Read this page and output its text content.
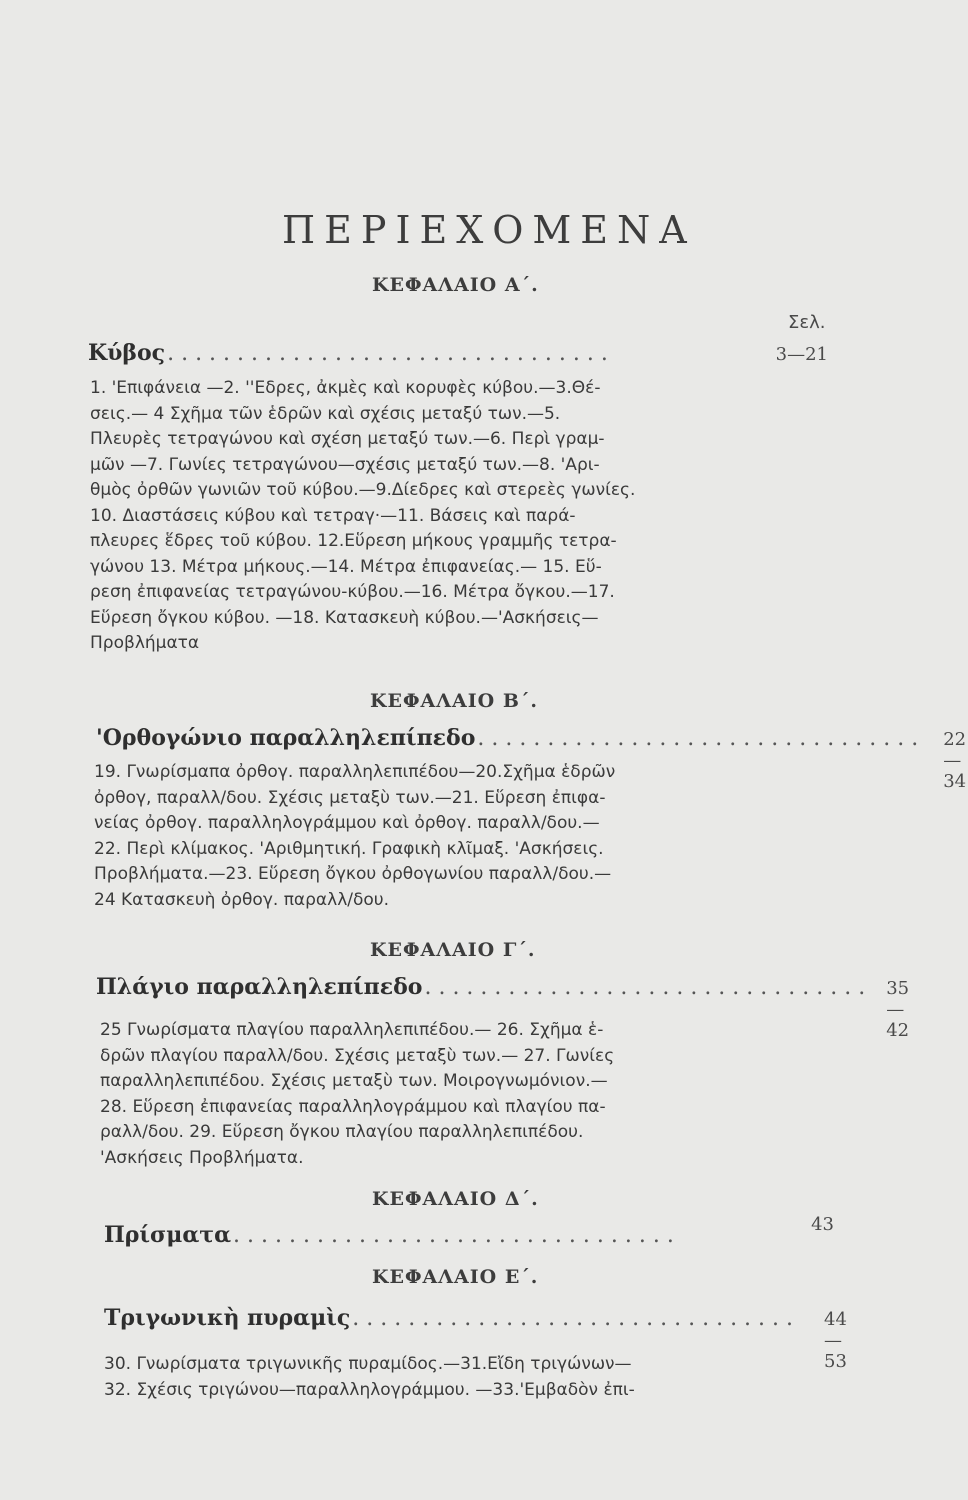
ΠΕΡΙΕΧΟΜΕΝΑ
ΚΕΦΑΛΑΙΟ Α΄.
Σελ.
Κύβος ................................	3—21
1. 'Επιφάνεια —2. ''Εδρες, ἀκμὲς καὶ κορυφὲς κύβου.—3.Θέ-
σεις.— 4 Σχῆμα τῶν ἑδρῶν καὶ σχέσις μεταξύ των.—5.
Πλευρὲς τετραγώνου καὶ σχέση μεταξύ των.—6. Περὶ γραμ-
μῶν —7. Γωνίες τετραγώνου—σχέσις μεταξύ των.—8. 'Αρι-
θμὸς ὀρθῶν γωνιῶν τοῦ κύβου.—9.Δίεδρες καὶ στερεὲς γωνίες.
10. Διαστάσεις κύβου καὶ τετραγ·—11. Βάσεις καὶ παρά-
πλευρες ἕδρες τοῦ κύβου. 12.Εὕρεση μήκους γραμμῆς τετρα-
γώνου 13. Μέτρα μήκους.—14. Μέτρα ἐπιφανείας.— 15. Εὕ-
ρεση ἐπιφανείας τετραγώνου-κύβου.—16. Μέτρα ὄγκου.—17.
Εὕρεση ὄγκου κύβου. —18. Κατασκευὴ κύβου.—'Ασκήσεις—
Προβλήματα
ΚΕΦΑΛΑΙΟ Β΄.
'Ορθογώνιο παραλληλεπίπεδο ................................ 22—34
19. Γνωρίσμαπα ὀρθογ. παραλληλεπιπέδου—20.Σχῆμα ἑδρῶν
ὀρθογ, παραλλ/δου. Σχέσις μεταξὺ των.—21. Εὕρεση ἐπιφα-
νείας ὀρθογ. παραλληλογράμμου καὶ ὀρθογ. παραλλ/δου.—
22. Περὶ κλίμακος. 'Αριθμητική. Γραφικὴ κλῖμαξ. 'Ασκήσεις.
Προβλήματα.—23. Εὕρεση ὄγκου ὀρθογωνίου παραλλ/δου.—
24 Κατασκευὴ ὀρθογ. παραλλ/δου.
ΚΕΦΑΛΑΙΟ Γ΄.
Πλάγιο παραλληλεπίπεδο ................................ 35—42
25 Γνωρίσματα πλαγίου παραλληλεπιπέδου.— 26. Σχῆμα ἑ-
δρῶν πλαγίου παραλλ/δου. Σχέσις μεταξὺ των.— 27. Γωνίες
παραλληλεπιπέδου. Σχέσις μεταξὺ των. Μοιρογνωμόνιον.—
28. Εὕρεση ἐπιφανείας παραλληλογράμμου καὶ πλαγίου πα-
ραλλ/δου. 29. Εὕρεση ὄγκου πλαγίου παραλληλεπιπέδου.
'Ασκήσεις Προβλήματα.
ΚΕΦΑΛΑΙΟ Δ΄.
Πρίσματα ................................	43
ΚΕΦΑΛΑΙΟ Ε΄.
Τριγωνικὴ πυραμὶς ................................ 44—53
30. Γνωρίσματα τριγωνικῆς πυραμίδος.—31.Εἴδη τριγώνων—
32. Σχέσις τριγώνου—παραλληλογράμμου. —33.'Εμβαδὸν ἐπι-
